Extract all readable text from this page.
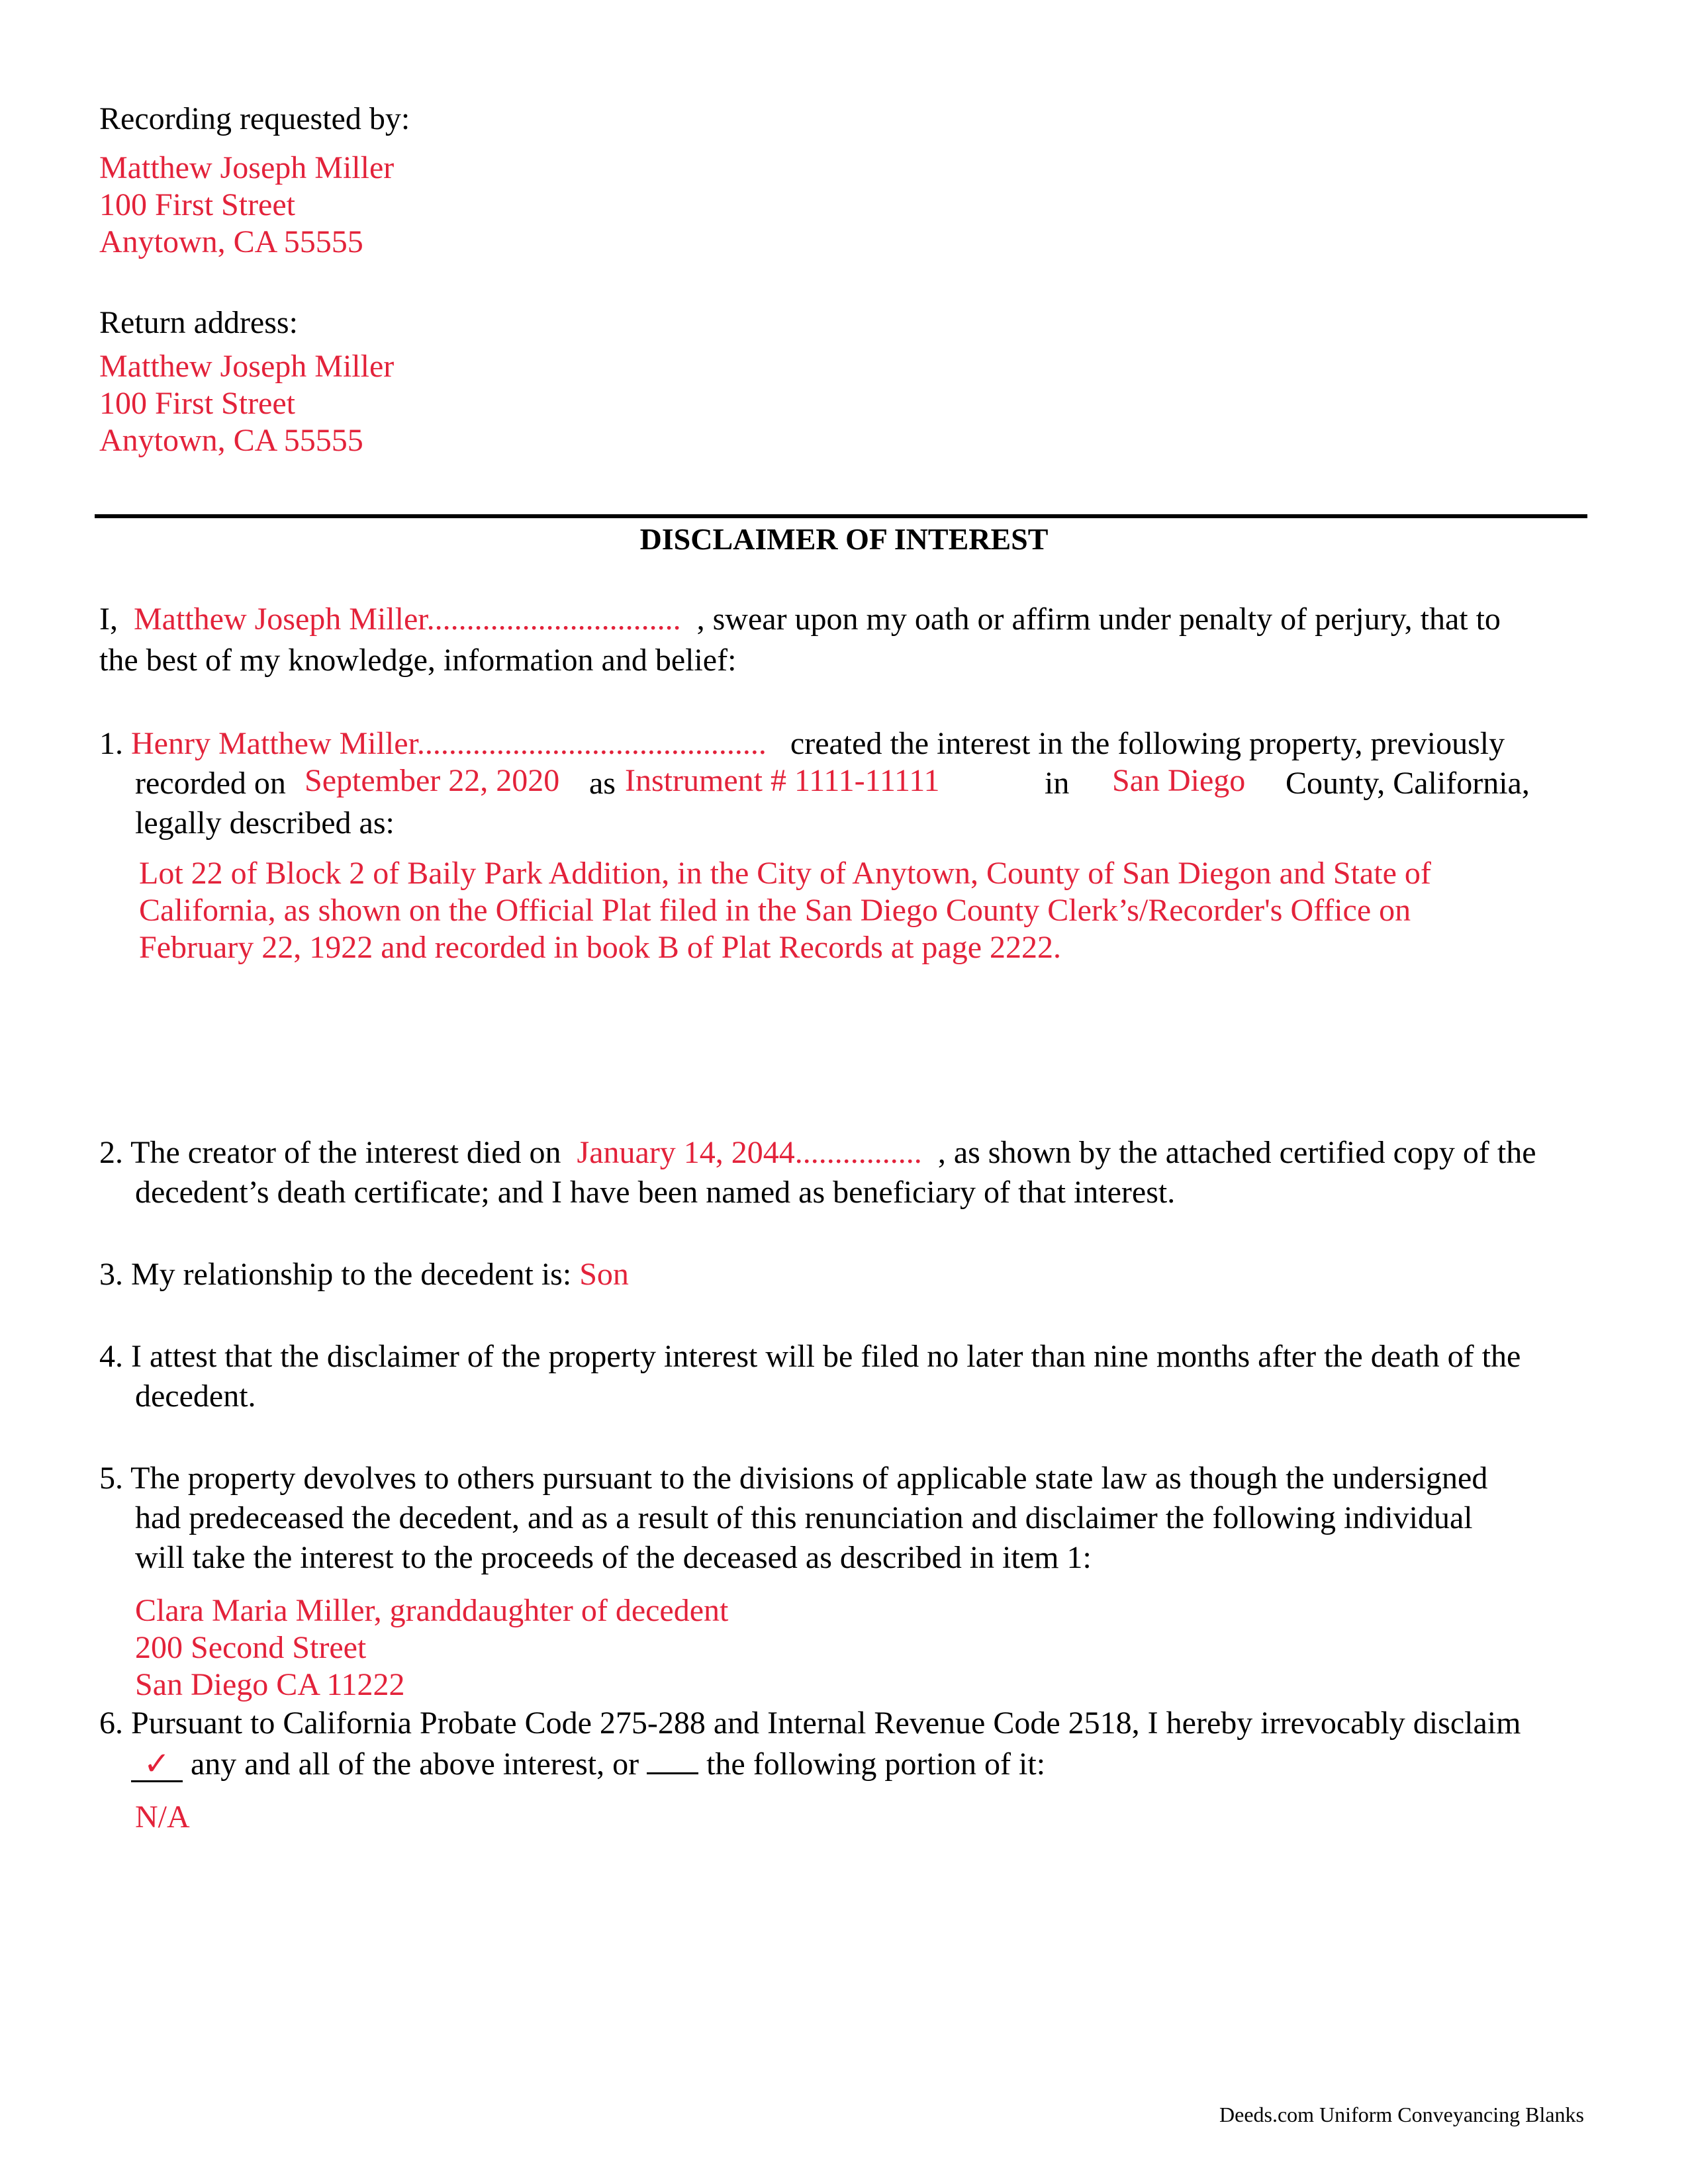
Recording requested by:
Matthew Joseph Miller
100 First Street
Anytown, CA 55555
Return address:
Matthew Joseph Miller
100 First Street
Anytown, CA 55555
DISCLAIMER OF INTEREST
I, Matthew Joseph Miller................................ , swear upon my oath or affirm under penalty of perjury, that to
the best of my knowledge, information and belief:
1. Henry Matthew Miller............................................ created the interest in the following property, previously
recorded on September 22, 2020 as Instrument # 1111-11111	in San Diego County, California,
legally described as:
Lot 22 of Block 2 of Baily Park Addition, in the City of Anytown, County of San Diegon and State of
California, as shown on the Official Plat filed in the San Diego County Clerk’s/Recorder's Office on
February 22, 1922 and recorded in book B of Plat Records at page 2222.
2. The creator of the interest died on January 14, 2044................ , as shown by the attached certified copy of the
decedent’s death certificate; and I have been named as beneficiary of that interest.
3. My relationship to the decedent is: Son
4. I attest that the disclaimer of the property interest will be filed no later than nine months after the death of the
decedent.
5. The property devolves to others pursuant to the divisions of applicable state law as though the undersigned
had predeceased the decedent, and as a result of this renunciation and disclaimer the following individual
will take the interest to the proceeds of the deceased as described in item 1:
Clara Maria Miller, granddaughter of decedent
200 Second Street
San Diego CA 11222
6. Pursuant to California Probate Code 275-288 and Internal Revenue Code 2518, I hereby irrevocably disclaim
✓ any and all of the above interest, or the following portion of it:
N/A
Deeds.com Uniform Conveyancing Blanks
